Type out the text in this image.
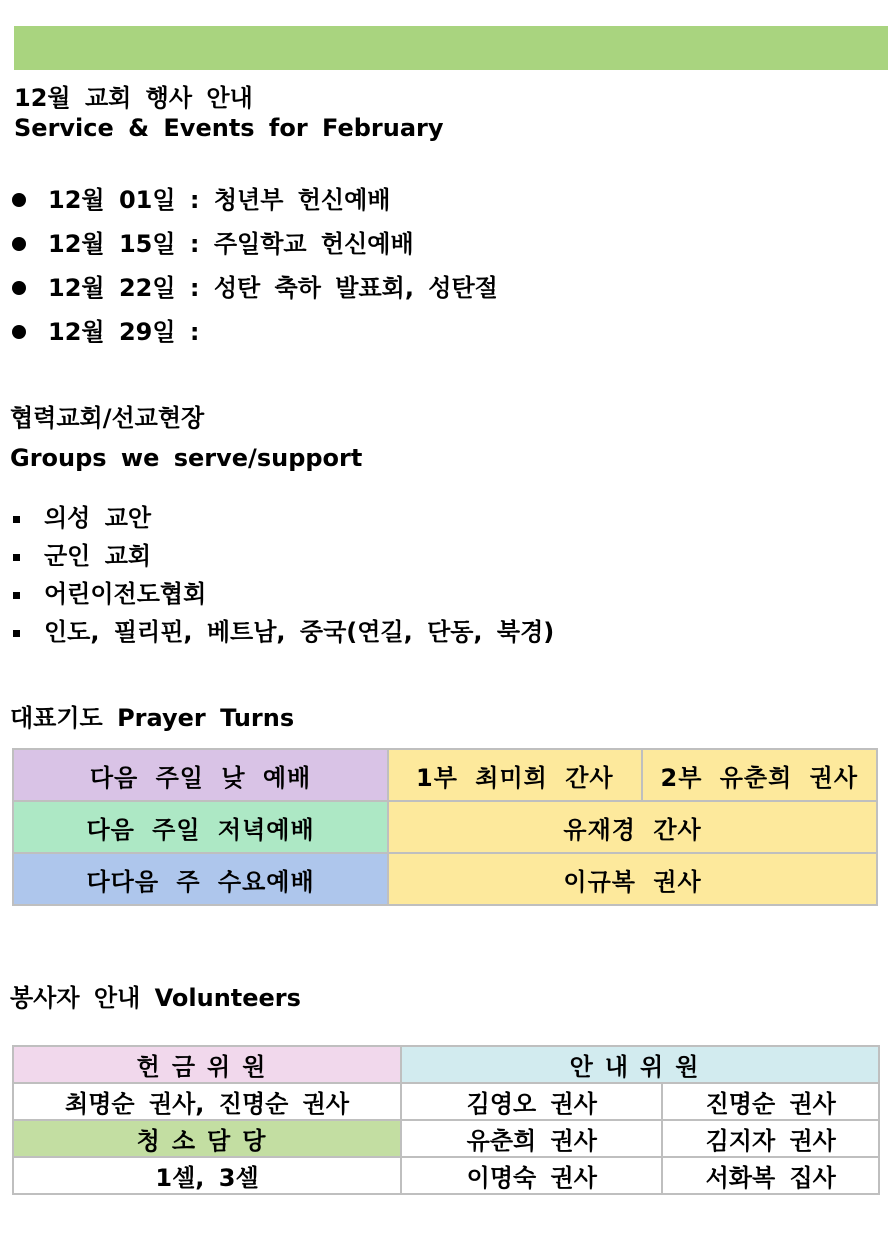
12월 교회 행사 안내
Service & Events for February
12월 01일 : 청년부 헌신예배
12월 15일 : 주일학교 헌신예배
12월 22일 : 성탄 축하 발표회, 성탄절
12월 29일 :
협력교회/선교현장
Groups we serve/support
의성 교안
군인 교회
어린이전도협회
인도, 필리핀, 베트남, 중국(연길, 단동, 북경)
대표기도 Prayer Turns
다음 주일 낮 예배	1부 최미희 간사	2부 유춘희 권사
다음 주일 저녁예배	유재경 간사	
다다음 주 수요예배	이규복 권사	
봉사자 안내 Volunteers
헌금위원	안내위원	
최명순 권사, 진명순 권사	김영오 권사	진명순 권사
청소담당	유춘희 권사	김지자 권사
1셀, 3셀	이명숙 권사	서화복 집사
